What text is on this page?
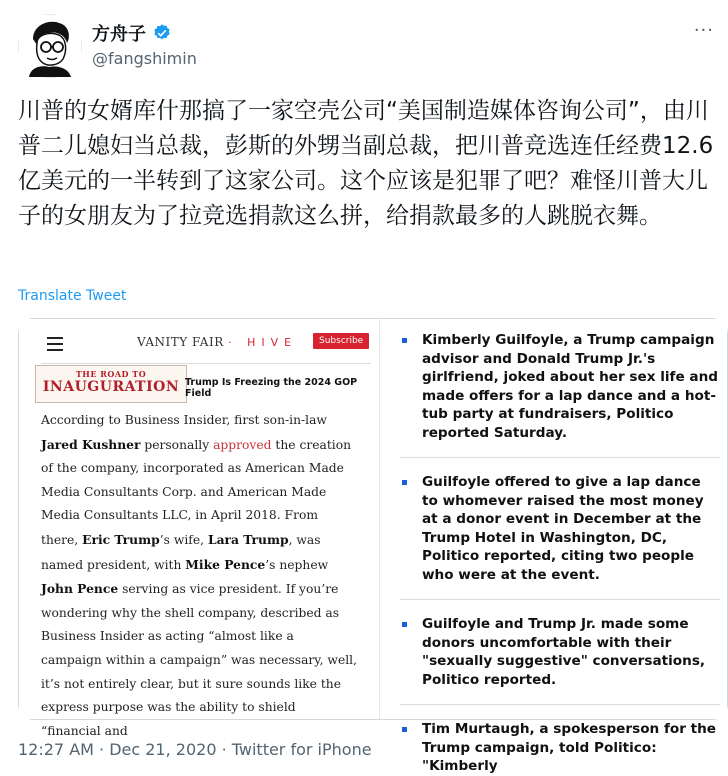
方舟子
@fangshimin
···
川普的女婿库什那搞了一家空壳公司“美国制造媒体咨询公司”，由川普二儿媳妇当总裁，彭斯的外甥当副总裁，把川普竞选连任经费12.6亿美元的一半转到了这家公司。这个应该是犯罪了吧？难怪川普大儿子的女朋友为了拉竞选捐款这么拼，给捐款最多的人跳脱衣舞。
Translate Tweet
VANITY FAIR · HIVE	Subscribe
THE ROAD TO
INAUGURATION Trump Is Freezing the 2024 GOP Field
According to Business Insider, first son-in-law Jared Kushner personally approved the creation of the company, incorporated as American Made Media Consultants Corp. and American Made Media Consultants LLC, in April 2018. From there, Eric Trump’s wife, Lara Trump, was named president, with Mike Pence’s nephew John Pence serving as vice president. If you’re wondering why the shell company, described as Business Insider as acting “almost like a campaign within a campaign” was necessary, well, it’s not entirely clear, but it sure sounds like the express purpose was the ability to shield “financial and
Kimberly Guilfoyle, a Trump campaign advisor and Donald Trump Jr.'s girlfriend, joked about her sex life and made offers for a lap dance and a hot-tub party at fundraisers, Politico reported Saturday.
Guilfoyle offered to give a lap dance to whomever raised the most money at a donor event in December at the Trump Hotel in Washington, DC, Politico reported, citing two people who were at the event.
Guilfoyle and Trump Jr. made some donors uncomfortable with their "sexually suggestive" conversations, Politico reported.
Tim Murtaugh, a spokesperson for the Trump campaign, told Politico: "Kimberly
12:27 AM · Dec 21, 2020 · Twitter for iPhone
